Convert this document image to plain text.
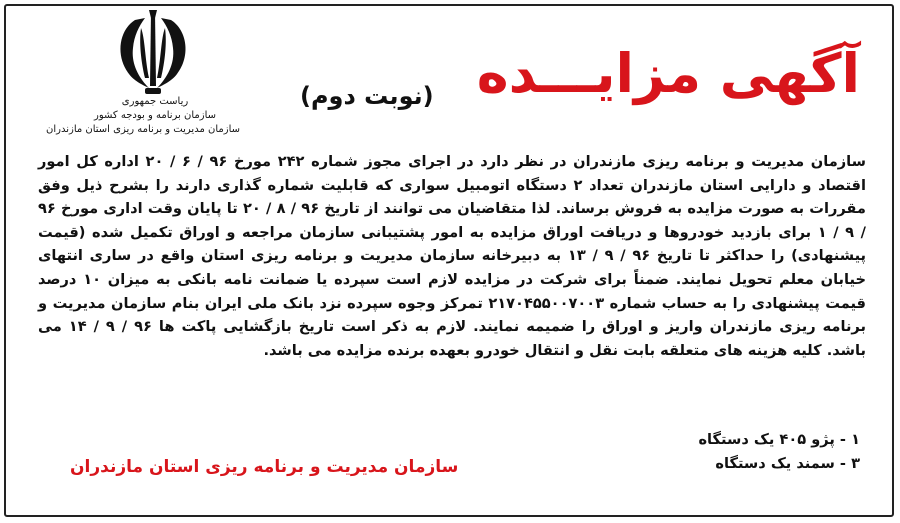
ریاست جمهوری
سازمان برنامه و بودجه کشور
سازمان مدیریت و برنامه ریزی استان مازندران
آگهی مزایـــده
(نوبت دوم)

سازمان مدیریت و برنامه ریزی مازندران در نظر دارد در اجرای مجوز شماره ۲۴۲ مورخ ۹۶ / ۶ / ۲۰ اداره کل امور اقتصاد و دارایی استان مازندران تعداد ۲ دستگاه اتومبیل سواری که قابلیت شماره گذاری دارند را بشرح ذیل وفق مقررات به صورت مزایده به فروش برساند. لذا متقاضیان می توانند از تاریخ ۹۶ / ۸ / ۲۰ تا پایان وقت اداری مورخ ۹۶ / ۹ / ۱ برای بازدید خودروها و دریافت اوراق مزایده به امور پشتیبانی سازمان مراجعه و اوراق تکمیل شده (قیمت پیشنهادی) را حداکثر تا تاریخ ۹۶ / ۹ / ۱۳ به دبیرخانه سازمان مدیریت و برنامه ریزی استان واقع در ساری انتهای خیابان معلم تحویل نمایند. ضمناً برای شرکت در مزایده لازم است سپرده یا ضمانت نامه بانکی به میزان ۱۰ درصد قیمت پیشنهادی را به حساب شماره ۲۱۷۰۴۵۵۰۰۷۰۰۳ تمرکز وجوه سپرده نزد بانک ملی ایران بنام سازمان مدیریت و برنامه ریزی مازندران واریز و اوراق را ضمیمه نمایند. لازم به ذکر است تاریخ بازگشایی پاکت ها ۹۶ / ۹ / ۱۴ می باشد. کلیه هزینه های متعلقه بابت نقل و انتقال خودرو بعهده برنده مزایده می باشد.

۱ - پژو ۴۰۵ یک دستگاه
۳ - سمند یک دستگاه
سازمان مدیریت و برنامه ریزی استان مازندران
